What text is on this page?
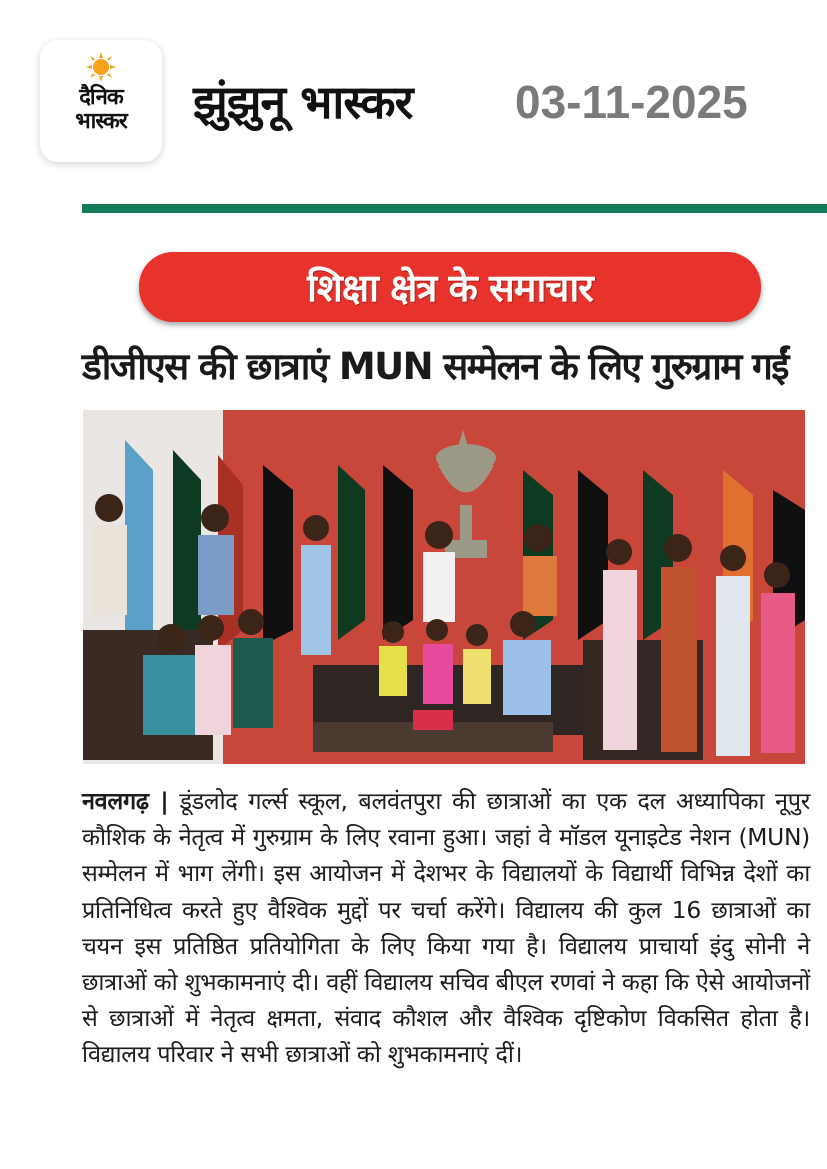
दैनिक
भास्कर झुंझुनू भास्कर 03-11-2025
शिक्षा क्षेत्र के समाचार
डीजीएस की छात्राएं MUN सम्मेलन के लिए गुरुग्राम गईं
नवलगढ़ | डूंडलोद गर्ल्स स्कूल, बलवंतपुरा की छात्राओं का एक दल अध्यापिका नूपुर कौशिक के नेतृत्व में गुरुग्राम के लिए रवाना हुआ। जहां वे मॉडल यूनाइटेड नेशन (MUN) सम्मेलन में भाग लेंगी। इस आयोजन में देशभर के विद्यालयों के विद्यार्थी विभिन्न देशों का प्रतिनिधित्व करते हुए वैश्विक मुद्दों पर चर्चा करेंगे। विद्यालय की कुल 16 छात्राओं का चयन इस प्रतिष्ठित प्रतियोगिता के लिए किया गया है। विद्यालय प्राचार्या इंदु सोनी ने छात्राओं को शुभकामनाएं दी। वहीं विद्यालय सचिव बीएल रणवां ने कहा कि ऐसे आयोजनों से छात्राओं में नेतृत्व क्षमता, संवाद कौशल और वैश्विक दृष्टिकोण विकसित होता है। विद्यालय परिवार ने सभी छात्राओं को शुभकामनाएं दीं।
